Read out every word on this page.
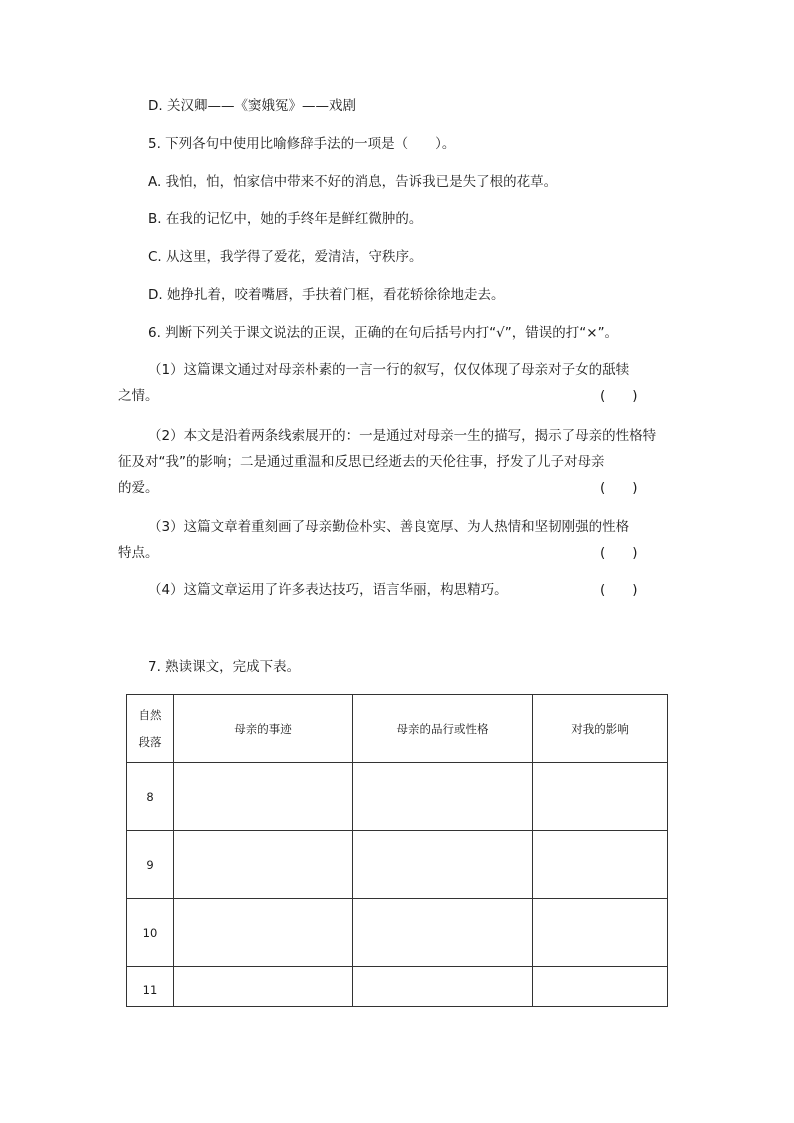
D. 关汉卿——《窦娥冤》——戏剧
5. 下列各句中使用比喻修辞手法的一项是（　　）。
A. 我怕，怕，怕家信中带来不好的消息，告诉我已是失了根的花草。
B. 在我的记忆中，她的手终年是鲜红微肿的。
C. 从这里，我学得了爱花，爱清洁，守秩序。
D. 她挣扎着，咬着嘴唇，手扶着门框，看花轿徐徐地走去。
6. 判断下列关于课文说法的正误，正确的在句后括号内打“√”，错误的打“×”。
（1）这篇课文通过对母亲朴素的一言一行的叙写，仅仅体现了母亲对子女的舐犊
之情。	(　　)
（2）本文是沿着两条线索展开的：一是通过对母亲一生的描写，揭示了母亲的性格特
征及对“我”的影响；二是通过重温和反思已经逝去的天伦往事，抒发了儿子对母亲
的爱。	(　　)
（3）这篇文章着重刻画了母亲勤俭朴实、善良宽厚、为人热情和坚韧刚强的性格
特点。	(　　)
（4）这篇文章运用了许多表达技巧，语言华丽，构思精巧。	(　　)
7. 熟读课文，完成下表。
自然
段落	母亲的事迹	母亲的品行或性格	对我的影响
8			
9			
10			
11			
